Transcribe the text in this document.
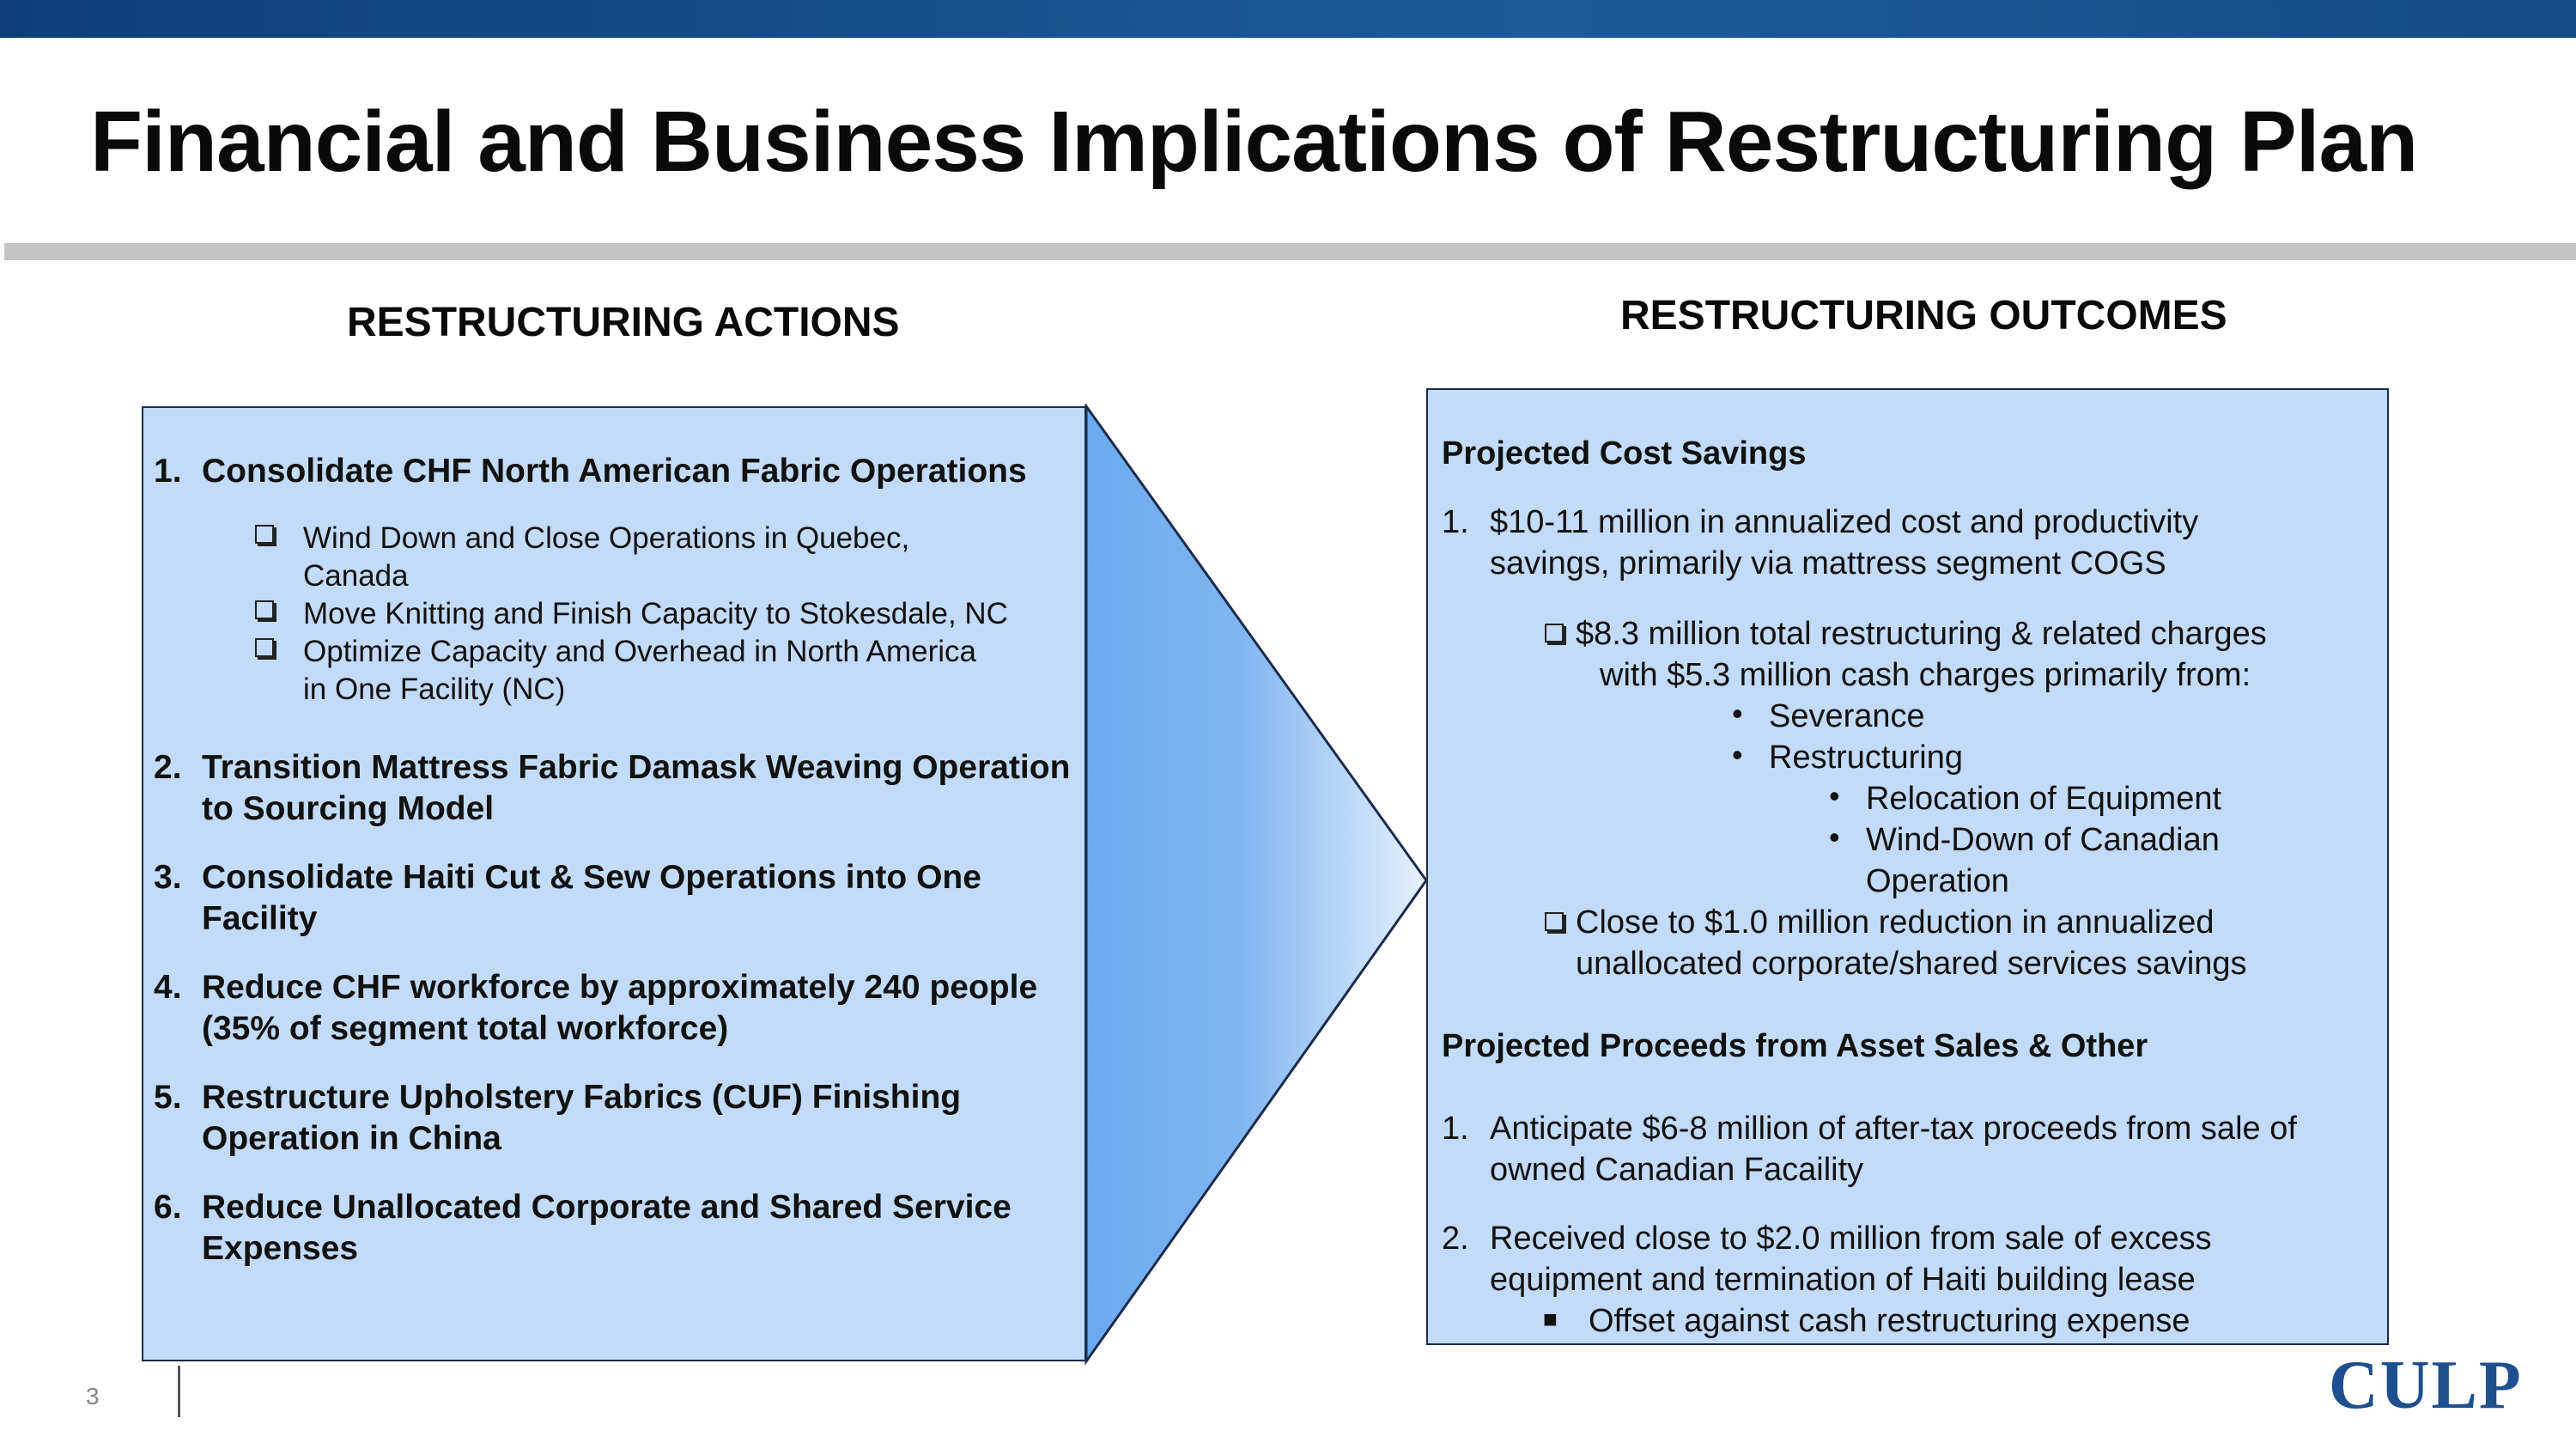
Financial and Business Implications of Restructuring Plan
RESTRUCTURING ACTIONS	RESTRUCTURING OUTCOMES
1. Consolidate CHF North American Fabric Operations
Wind Down and Close Operations in Quebec,
Canada
Move Knitting and Finish Capacity to Stokesdale, NC
Optimize Capacity and Overhead in North America
in One Facility (NC)
2. Transition Mattress Fabric Damask Weaving Operation
to Sourcing Model
3. Consolidate Haiti Cut & Sew Operations into One
Facility
4. Reduce CHF workforce by approximately 240 people
(35% of segment total workforce)
5. Restructure Upholstery Fabrics (CUF) Finishing
Operation in China
6. Reduce Unallocated Corporate and Shared Service
Expenses
Projected Cost Savings
1. $10-11 million in annualized cost and productivity
savings, primarily via mattress segment COGS
$8.3 million total restructuring & related charges
with $5.3 million cash charges primarily from:
• Severance
• Restructuring
• Relocation of Equipment
• Wind-Down of Canadian
Operation
Close to $1.0 million reduction in annualized
unallocated corporate/shared services savings
Projected Proceeds from Asset Sales & Other
1. Anticipate $6-8 million of after-tax proceeds from sale of
owned Canadian Facaility
2. Received close to $2.0 million from sale of excess
equipment and termination of Haiti building lease
■ Offset against cash restructuring expense
3	CULP
